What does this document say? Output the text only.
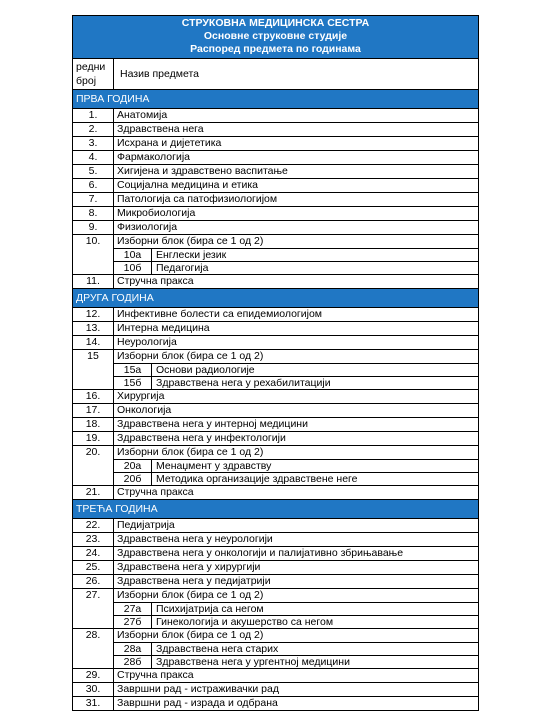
СТРУКОВНА МЕДИЦИНСКА СЕСТРА
Основне струковне студије
Распоред предмета по годинама
редни
број
Назив предмета
ПРВА ГОДИНА
1.	Анатомија
2.	Здравствена нега
3.	Исхрана и дијететика
4.	Фармакологија
5.	Хигијена и здравствено васпитање
6.	Социјална медицина и етика
7.	Патологија са патофизиологијом
8.	Микробиологија
9.	Физиологија
10.	Изборни блок (бира се 1 од 2)
10а	Енглески језик
10б	Педагогија
11.	Стручна пракса
ДРУГА ГОДИНА
12.	Инфективне болести са епидемиологијом
13.	Интерна медицина
14.	Неурологија
15	Изборни блок (бира се 1 од 2)
15а	Основи радиологије
15б	Здравствена нега у рехабилитацији
16.	Хирургија
17.	Онкологија
18.	Здравствена нега у интерној медицини
19.	Здравствена нега у инфектологији
20.	Изборни блок (бира се 1 од 2)
20а	Менаџмент у здравству
20б	Методика организације здравствене неге
21.	Стручна пракса
ТРЕЋА ГОДИНА
22.	Педијатрија
23.	Здравствена нега у неурологији
24.	Здравствена нега у онкологији и палијативно збрињавање
25.	Здравствена нега у хирургији
26.	Здравствена нега у педијатрији
27.	Изборни блок (бира се 1 од 2)
27а	Психијатрија са негом
27б	Гинекологија и акушерство са негом
28.	Изборни блок (бира се 1 од 2)
28а	Здравствена нега старих
28б	Здравствена нега у ургентној медицини
29.	Стручна пракса
30.	Завршни рад - истраживачки рад
31.	Завршни рад - израда и одбрана
